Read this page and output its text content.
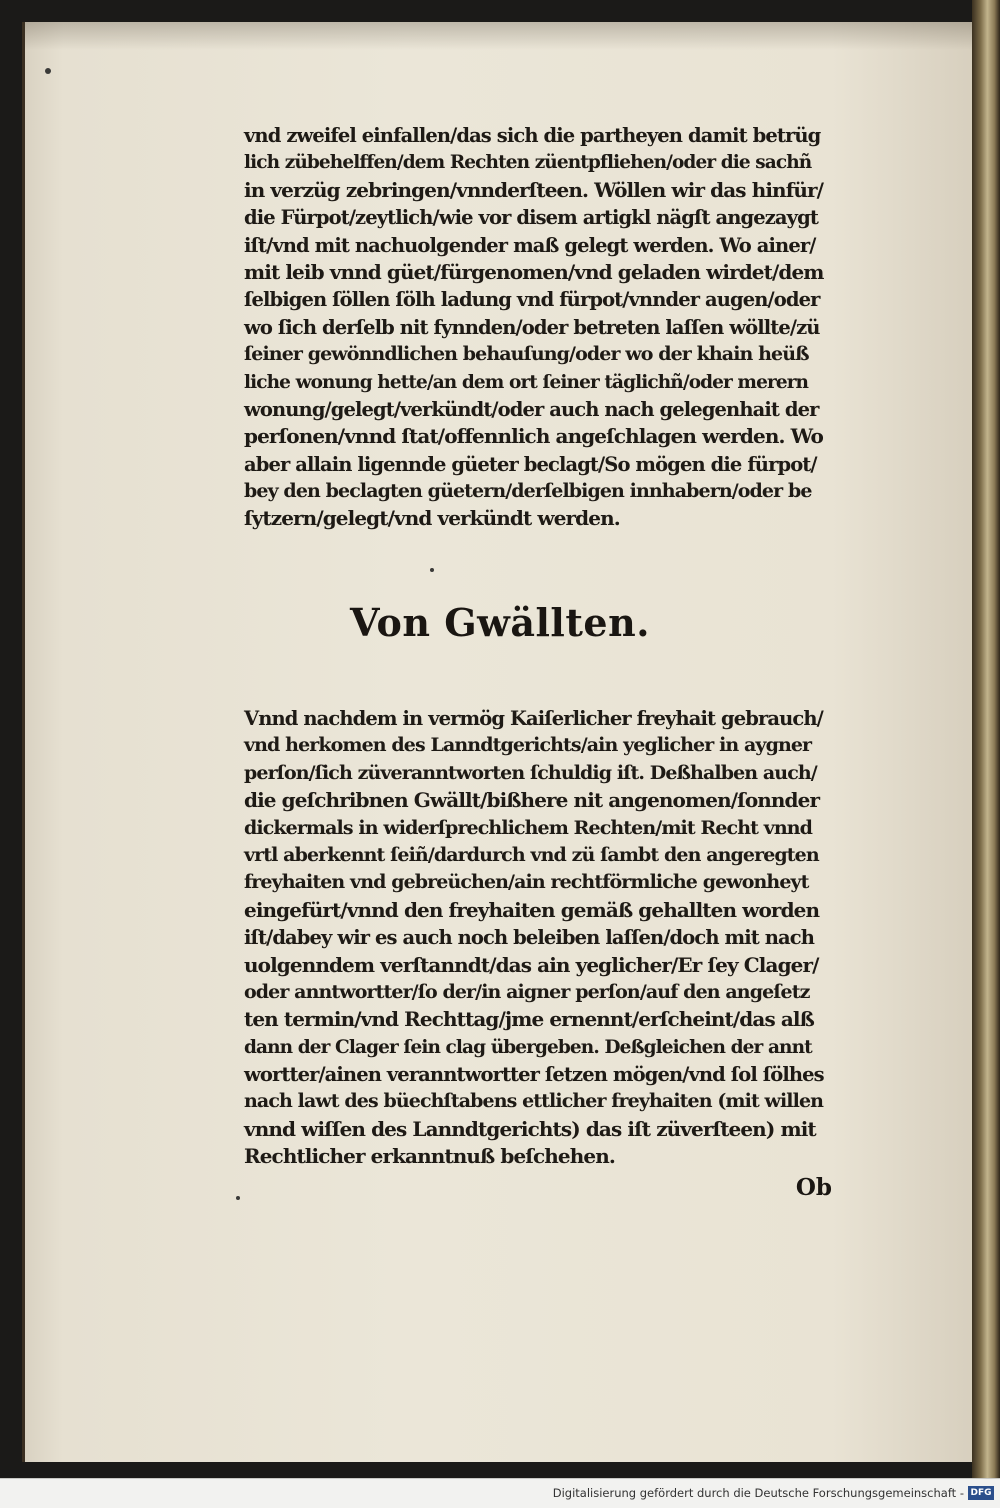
vnd zweifel einfallen/das sich die partheyen damit betrüg
lich zübehelffen/dem Rechten züentpfliehen/oder die sachñ
in verzüg zebringen/vnnderſteen. Wöllen wir das hinfür/
die Fürpot/zeytlich/wie vor disem artigkl nägſt angezaygt
iſt/vnd mit nachuolgender maß gelegt werden. Wo ainer/
mit leib vnnd güet/fürgenomen/vnd geladen wirdet/dem
ſelbigen ſöllen ſölh ladung vnd fürpot/vnnder augen/oder
wo ſich derſelb nit fynnden/oder betreten laſſen wöllte/zü
ſeiner gewönndlichen behauſung/oder wo der khain heüß
liche wonung hette/an dem ort ſeiner täglichñ/oder merern
wonung/gelegt/verkündt/oder auch nach gelegenhait der
perſonen/vnnd ſtat/offennlich angeſchlagen werden. Wo
aber allain ligennde güeter beclagt/So mögen die fürpot/
bey den beclagten güetern/derſelbigen innhabern/oder be
ſytzern/gelegt/vnd verkündt werden.
Von Gwällten.
Vnnd nachdem in vermög Kaiſerlicher freyhait gebrauch/
vnd herkomen des Lanndtgerichts/ain yeglicher in aygner
perſon/ſich züveranntworten ſchuldig iſt. Deßhalben auch/
die geſchribnen Gwällt/bißhere nit angenomen/ſonnder
dickermals in widerſprechlichem Rechten/mit Recht vnnd
vrtl aberkennt ſeiñ/dardurch vnd zü ſambt den angeregten
freyhaiten vnd gebreüchen/ain rechtförmliche gewonheyt
eingefürt/vnnd den freyhaiten gemäß gehallten worden
iſt/dabey wir es auch noch beleiben laſſen/doch mit nach
uolgenndem verſtanndt/das ain yeglicher/Er ſey Clager/
oder anntwortter/ſo der/in aigner perſon/auf den angeſetz
ten termin/vnd Rechttag/jme ernennt/erſcheint/das alß
dann der Clager ſein clag übergeben. Deßgleichen der annt
wortter/ainen veranntwortter ſetzen mögen/vnd ſol ſölhes
nach lawt des büechſtabens ettlicher freyhaiten (mit willen
vnnd wiſſen des Lanndtgerichts) das iſt züverſteen) mit
Rechtlicher erkanntnuß beſchehen.
Ob
Digitalisierung gefördert durch die Deutsche Forschungsgemeinschaft - DFG
